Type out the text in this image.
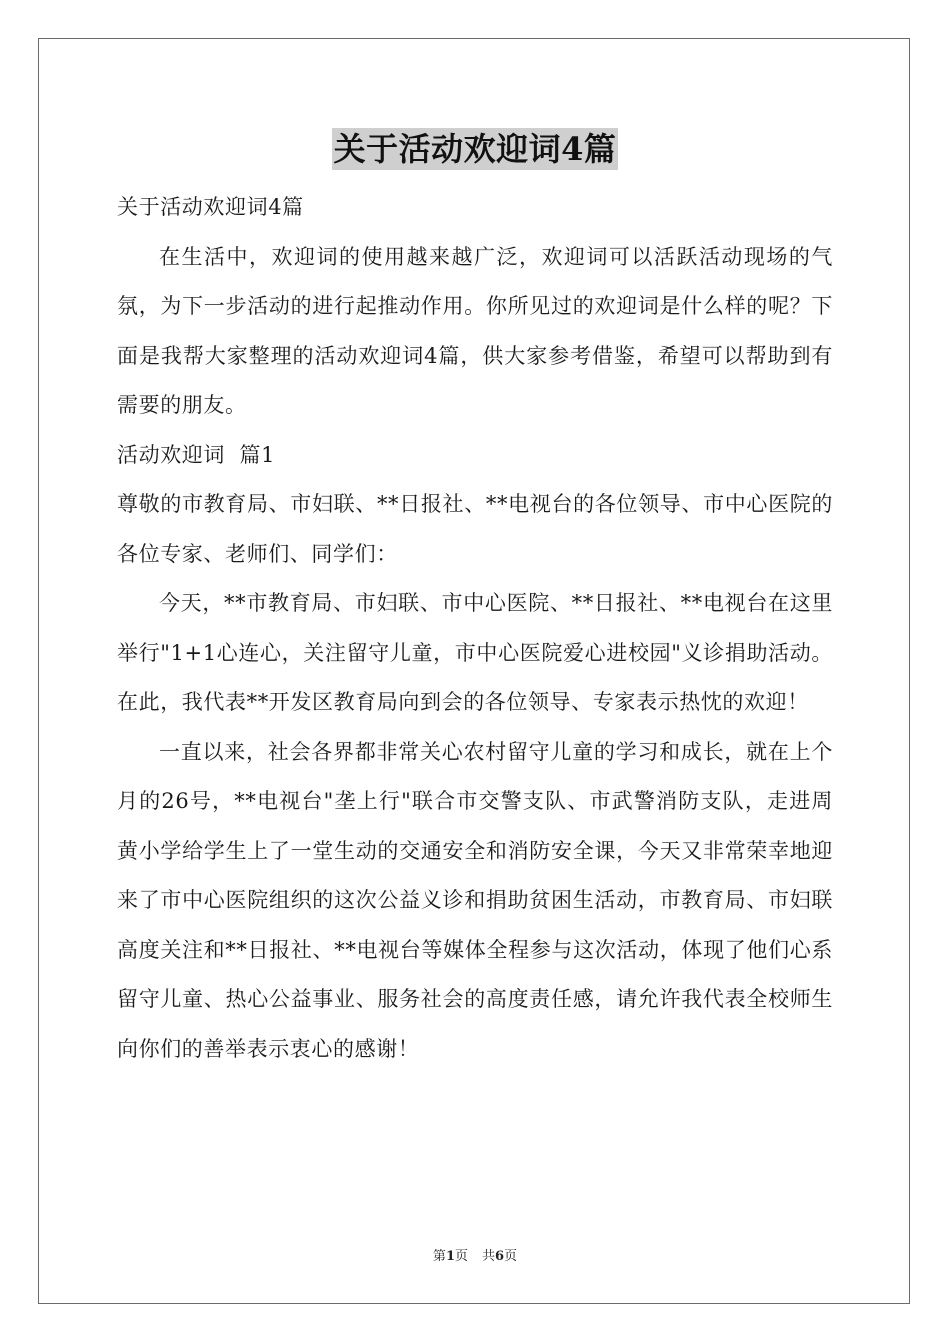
关于活动欢迎词4篇

关于活动欢迎词4篇

在生活中，欢迎词的使用越来越广泛，欢迎词可以活跃活动现场的气氛，为下一步活动的进行起推动作用。你所见过的欢迎词是什么样的呢？下面是我帮大家整理的活动欢迎词4篇，供大家参考借鉴，希望可以帮助到有需要的朋友。

活动欢迎词  篇1

尊敬的市教育局、市妇联、**日报社、**电视台的各位领导、市中心医院的各位专家、老师们、同学们：

今天，**市教育局、市妇联、市中心医院、**日报社、**电视台在这里举行"1+1心连心，关注留守儿童，市中心医院爱心进校园"义诊捐助活动。在此，我代表**开发区教育局向到会的各位领导、专家表示热忱的欢迎！

一直以来，社会各界都非常关心农村留守儿童的学习和成长，就在上个月的26号，**电视台"垄上行"联合市交警支队、市武警消防支队，走进周黄小学给学生上了一堂生动的交通安全和消防安全课，今天又非常荣幸地迎来了市中心医院组织的这次公益义诊和捐助贫困生活动，市教育局、市妇联高度关注和**日报社、**电视台等媒体全程参与这次活动，体现了他们心系留守儿童、热心公益事业、服务社会的高度责任感，请允许我代表全校师生向你们的善举表示衷心的感谢！

第1页 共6页
